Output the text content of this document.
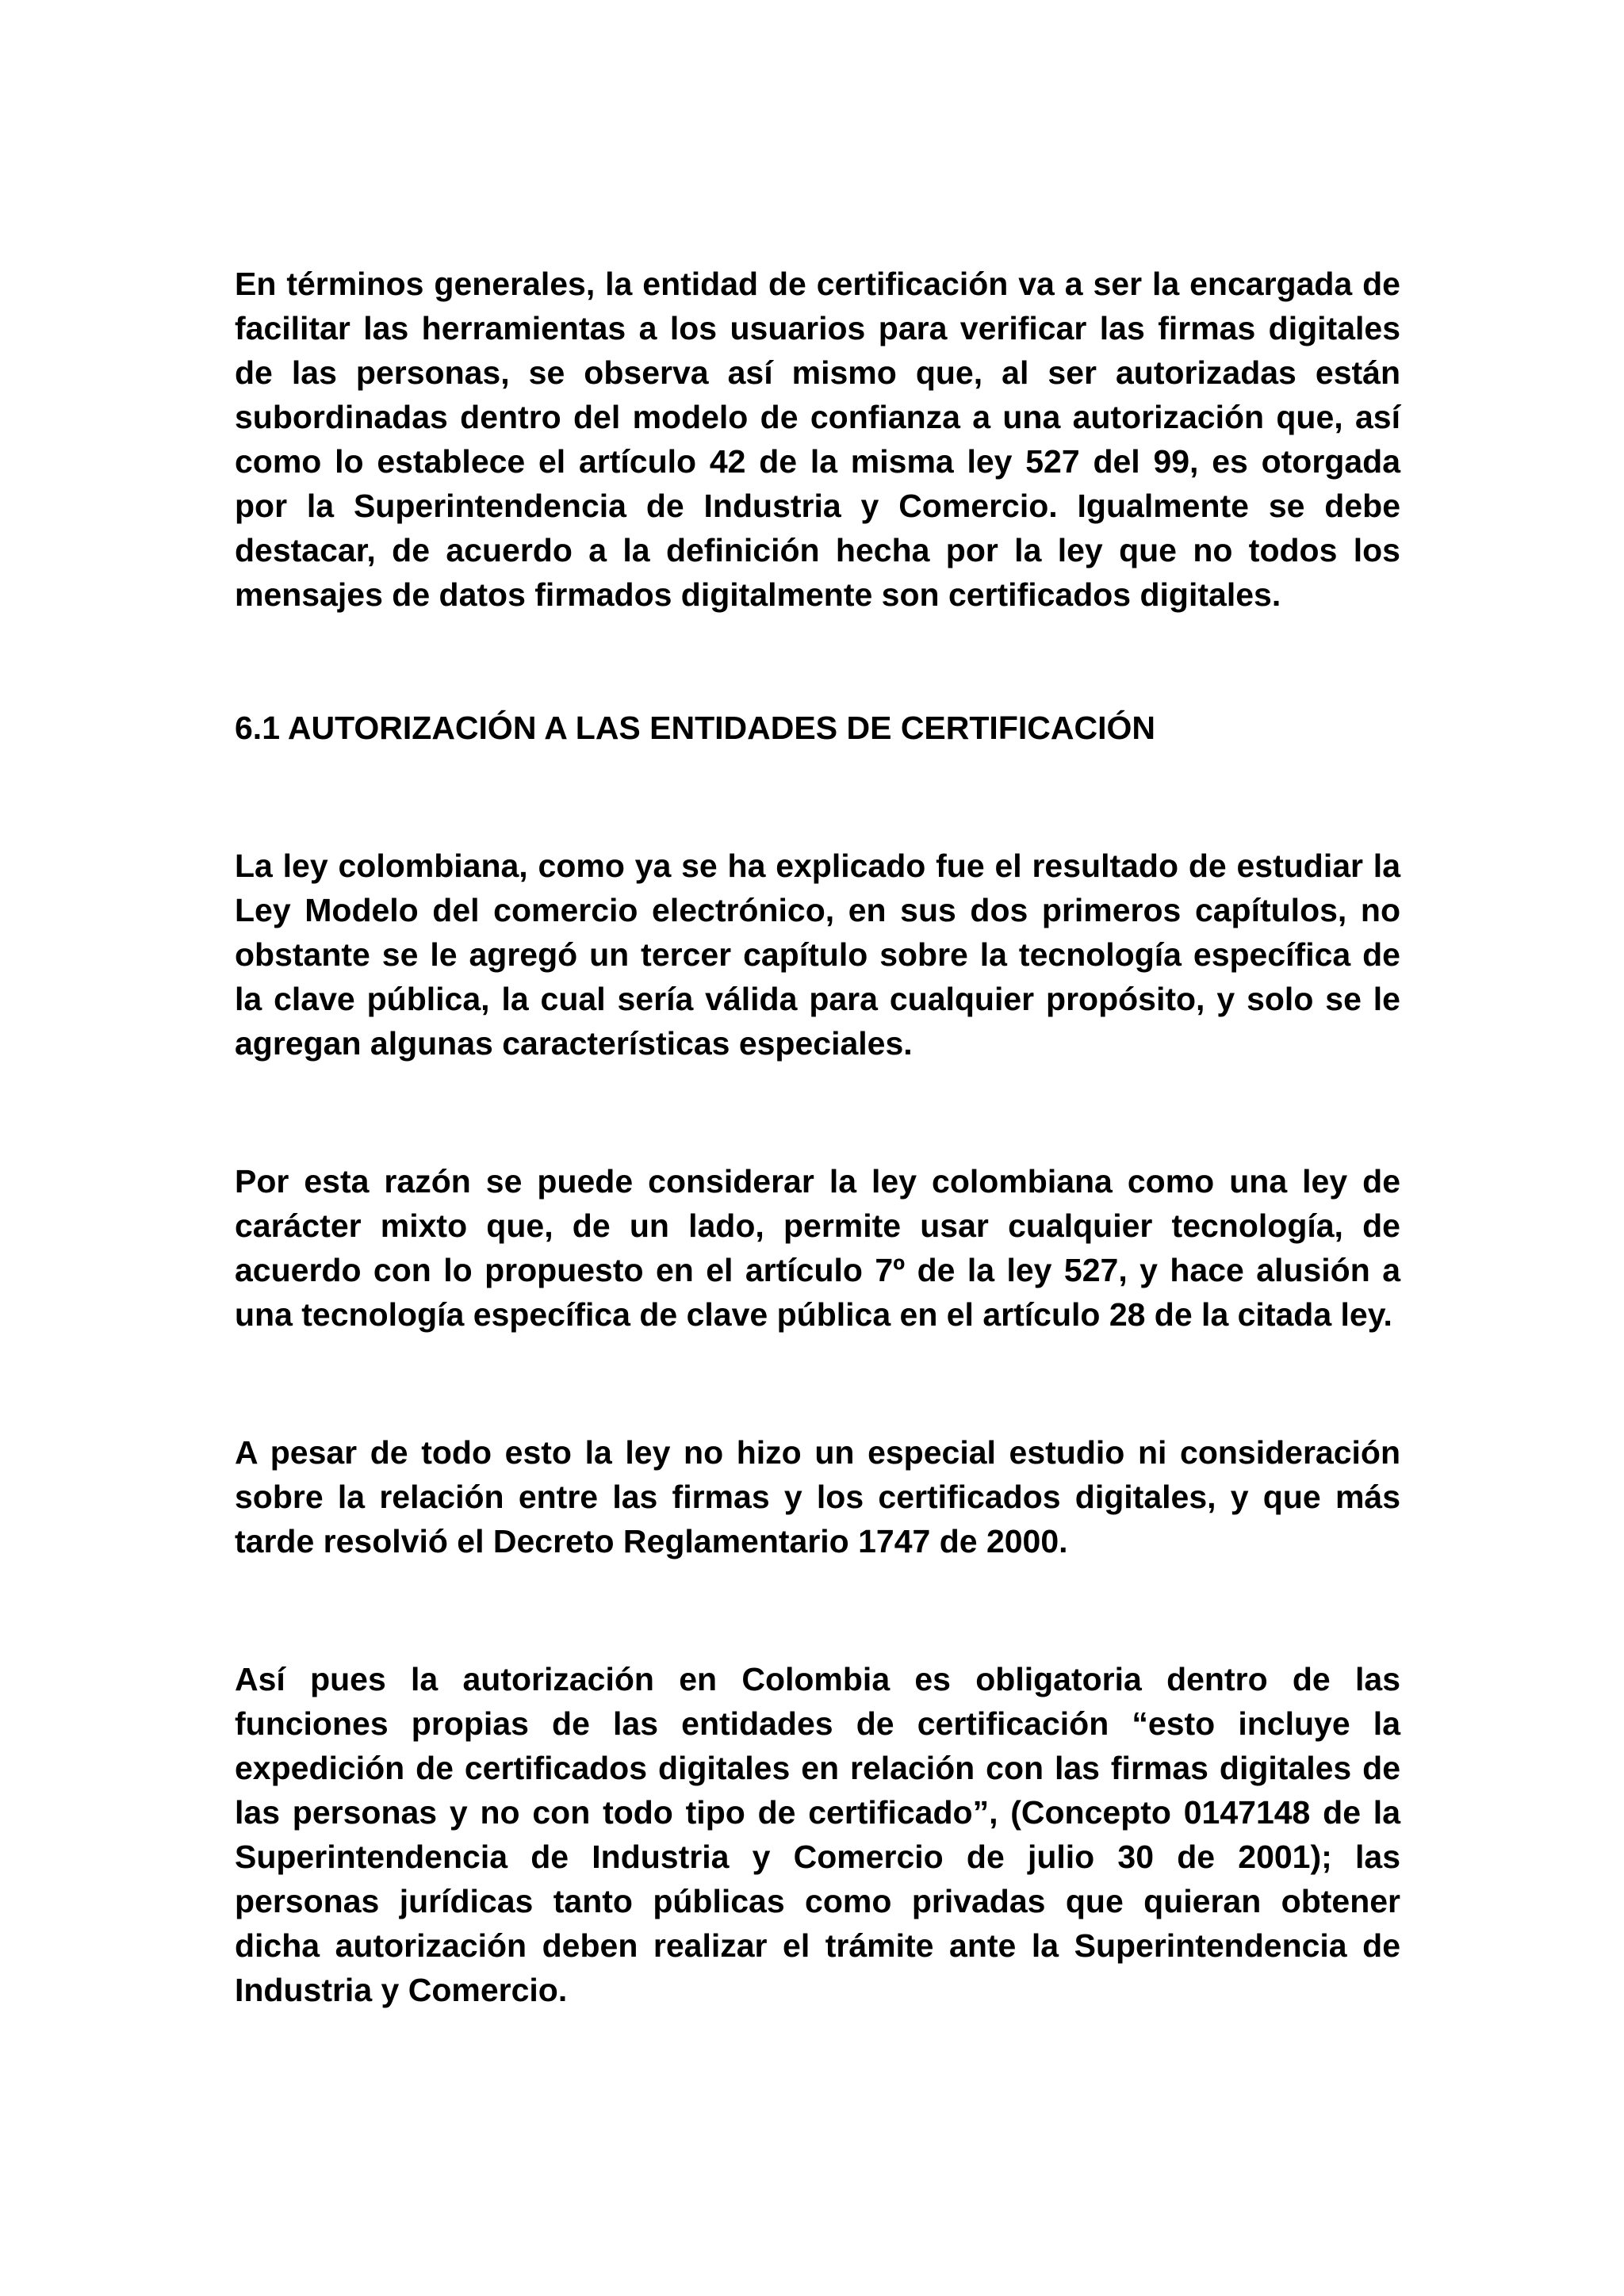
En términos generales, la entidad de certificación va a ser la encargada de facilitar las herramientas a los usuarios para verificar las firmas digitales de las personas, se observa así mismo que, al ser autorizadas están subordinadas dentro del modelo de confianza a una autorización que, así como lo establece el artículo 42 de la misma ley 527 del 99, es otorgada por la Superintendencia de Industria y Comercio. Igualmente se debe destacar, de acuerdo a la definición hecha por la ley que no todos los mensajes de datos firmados digitalmente son certificados digitales.

6.1 AUTORIZACIÓN A LAS ENTIDADES DE CERTIFICACIÓN

La ley colombiana, como ya se ha explicado fue el resultado de estudiar la Ley Modelo del comercio electrónico, en sus dos primeros capítulos, no obstante se le agregó un tercer capítulo sobre la tecnología específica de la clave pública, la cual sería válida para cualquier propósito, y solo se le agregan algunas características especiales.

Por esta razón se puede considerar la ley colombiana como una ley de carácter mixto que, de un lado, permite usar cualquier tecnología, de acuerdo con lo propuesto en el artículo 7º de la ley 527, y hace alusión a una tecnología específica de clave pública en el artículo 28 de la citada ley.

A pesar de todo esto la ley no hizo un especial estudio ni consideración sobre la relación entre las firmas y los certificados digitales, y que más tarde resolvió el Decreto Reglamentario 1747 de 2000.

Así pues la autorización en Colombia es obligatoria dentro de las funciones propias de las entidades de certificación “esto incluye la expedición de certificados digitales en relación con las firmas digitales de las personas y no con todo tipo de certificado”, (Concepto 0147148 de la Superintendencia de Industria y Comercio de julio 30 de 2001); las personas jurídicas tanto públicas como privadas que quieran obtener dicha autorización deben realizar el trámite ante la Superintendencia de Industria y Comercio.
